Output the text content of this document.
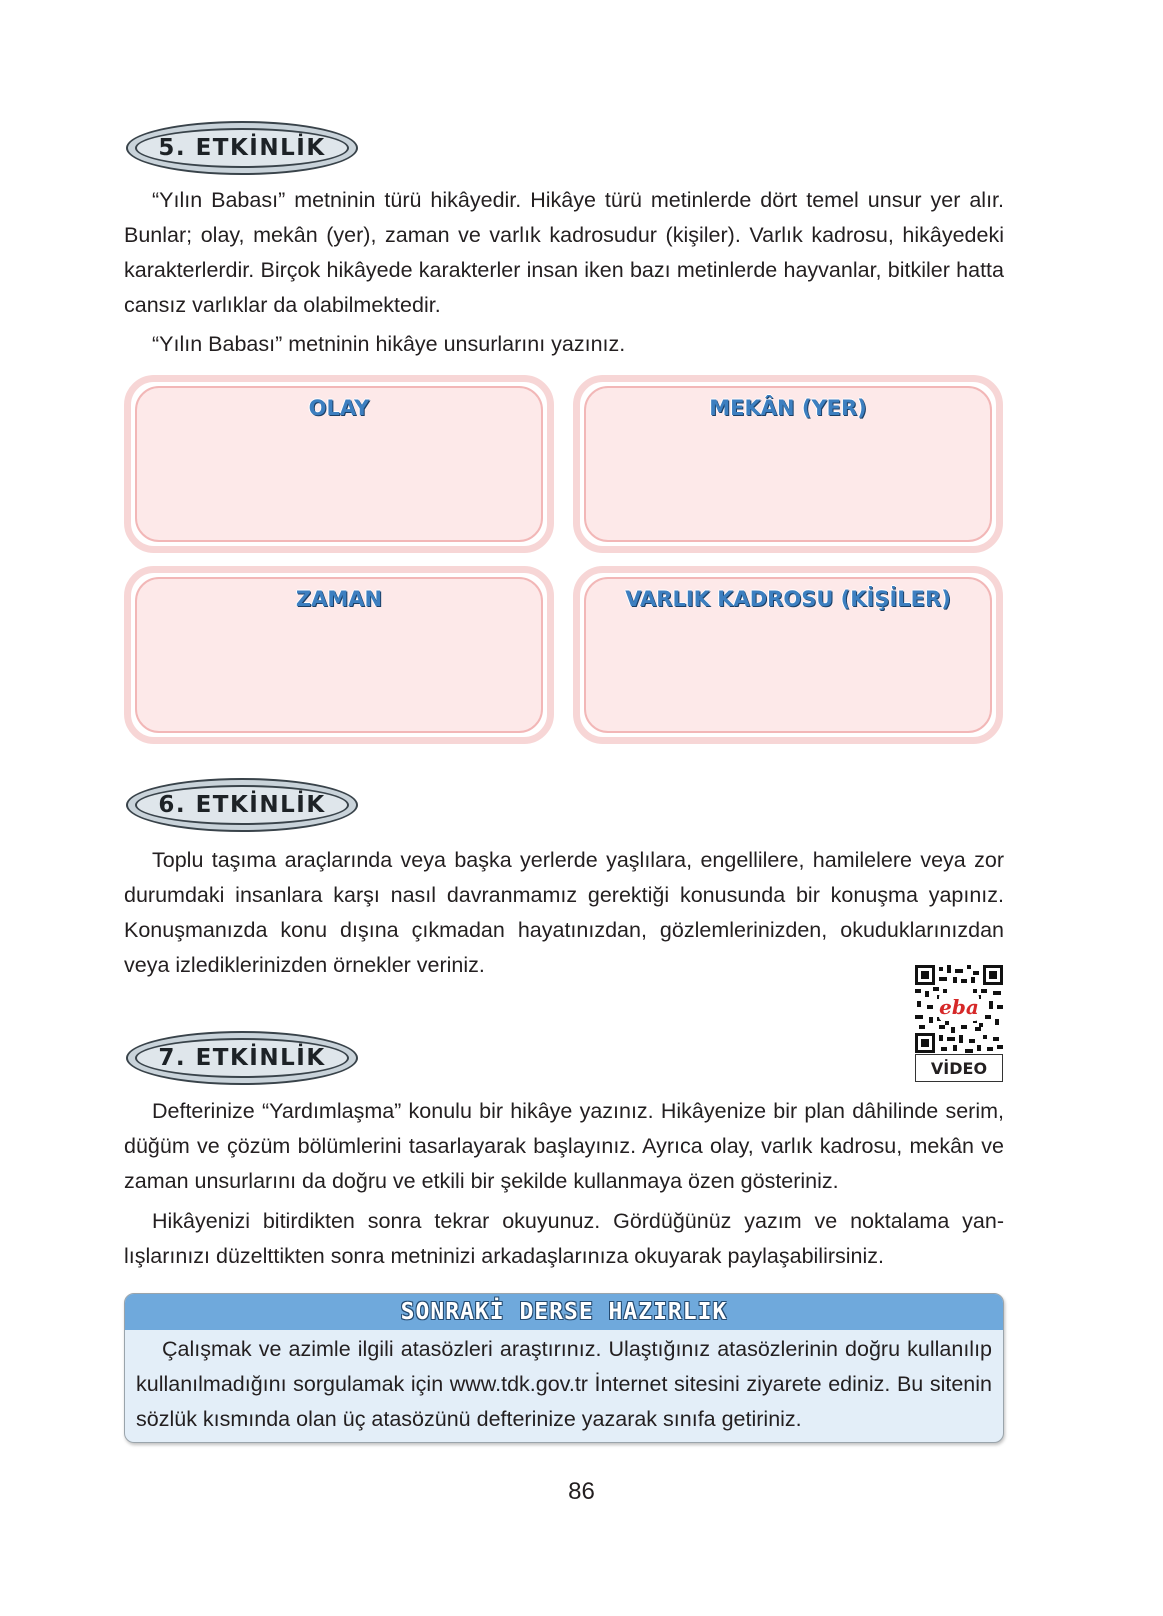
5. ETKİNLİK

“Yılın Babası” metninin türü hikâyedir. Hikâye türü metinlerde dört temel unsur yer alır. Bunlar; olay, mekân (yer), zaman ve varlık kadrosudur (kişiler). Varlık kadrosu, hikâyedeki karakterlerdir. Birçok hikâyede karakterler insan iken bazı metinlerde hayvanlar, bitkiler hatta cansız varlıklar da olabilmektedir.

“Yılın Babası” metninin hikâye unsurlarını yazınız.

OLAY	MEKÂN (YER)
ZAMAN	VARLIK KADROSU (KİŞİLER)
6. ETKİNLİK

Toplu taşıma araçlarında veya başka yerlerde yaşlılara, engellilere, hamilelere veya zor durumdaki insanlara karşı nasıl davranmamız gerektiği konusunda bir konuşma yapınız. Konuşmanızda konu dışına çıkmadan hayatınızdan, gözlemlerinizden, okuduklarınızdan veya izlediklerinizden örnekler veriniz.

eba
VİDEO
7. ETKİNLİK

Defterinize “Yardımlaşma” konulu bir hikâye yazınız. Hikâyenize bir plan dâhilinde serim, düğüm ve çözüm bölümlerini tasarlayarak başlayınız. Ayrıca olay, varlık kadrosu, mekân ve zaman unsurlarını da doğru ve etkili bir şekilde kullanmaya özen gösteriniz.

Hikâyenizi bitirdikten sonra tekrar okuyunuz. Gördüğünüz yazım ve noktalama yanlışlarınızı düzelttikten sonra metninizi arkadaşlarınıza okuyarak paylaşabilirsiniz.

SONRAKİ DERSE HAZIRLIK

Çalışmak ve azimle ilgili atasözleri araştırınız. Ulaştığınız atasözlerinin doğru kullanılıp kullanılmadığını sorgulamak için www.tdk.gov.tr İnternet sitesini ziyarete ediniz. Bu sitenin sözlük kısmında olan üç atasözünü defterinize yazarak sınıfa getiriniz.

86
